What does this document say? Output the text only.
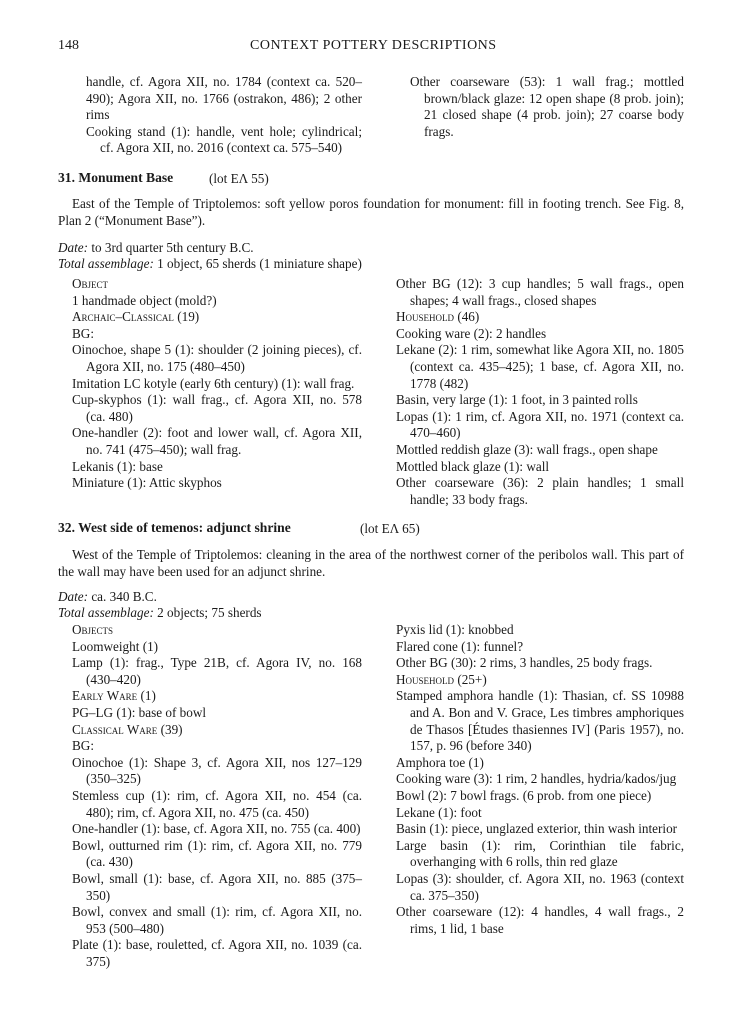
148	CONTEXT POTTERY DESCRIPTIONS
handle, cf. Agora XII, no. 1784 (context ca. 520–490); Agora XII, no. 1766 (ostrakon, 486); 2 other rims
Cooking stand (1): handle, vent hole; cylindrical; cf. Agora XII, no. 2016 (context ca. 575–540)
Other coarseware (53): 1 wall frag.; mottled brown/black glaze: 12 open shape (8 prob. join); 21 closed shape (4 prob. join); 27 coarse body frags.
31. Monument Base	(lot ΕΛ 55)
East of the Temple of Triptolemos: soft yellow poros foundation for monument: fill in footing trench. See Fig. 8, Plan 2 (“Monument Base”).
Date: to 3rd quarter 5th century B.C.
Total assemblage: 1 object, 65 sherds (1 miniature shape)
Object
1 handmade object (mold?)
Archaic–Classical (19)
BG:
Oinochoe, shape 5 (1): shoulder (2 joining pieces), cf. Agora XII, no. 175 (480–450)
Imitation LC kotyle (early 6th century) (1): wall frag.
Cup-skyphos (1): wall frag., cf. Agora XII, no. 578 (ca. 480)
One-handler (2): foot and lower wall, cf. Agora XII, no. 741 (475–450); wall frag.
Lekanis (1): base
Miniature (1): Attic skyphos
Other BG (12): 3 cup handles; 5 wall frags., open shapes; 4 wall frags., closed shapes
Household (46)
Cooking ware (2): 2 handles
Lekane (2): 1 rim, somewhat like Agora XII, no. 1805 (context ca. 435–425); 1 base, cf. Agora XII, no. 1778 (482)
Basin, very large (1): 1 foot, in 3 painted rolls
Lopas (1): 1 rim, cf. Agora XII, no. 1971 (context ca. 470–460)
Mottled reddish glaze (3): wall frags., open shape
Mottled black glaze (1): wall
Other coarseware (36): 2 plain handles; 1 small handle; 33 body frags.
32. West side of temenos: adjunct shrine	(lot ΕΛ 65)
West of the Temple of Triptolemos: cleaning in the area of the northwest corner of the peribolos wall. This part of the wall may have been used for an adjunct shrine.
Date: ca. 340 B.C.
Total assemblage: 2 objects; 75 sherds
Objects
Loomweight (1)
Lamp (1): frag., Type 21B, cf. Agora IV, no. 168 (430–420)
Early Ware (1)
PG–LG (1): base of bowl
Classical Ware (39)
BG:
Oinochoe (1): Shape 3, cf. Agora XII, nos 127–129 (350–325)
Stemless cup (1): rim, cf. Agora XII, no. 454 (ca. 480); rim, cf. Agora XII, no. 475 (ca. 450)
One-handler (1): base, cf. Agora XII, no. 755 (ca. 400)
Bowl, outturned rim (1): rim, cf. Agora XII, no. 779 (ca. 430)
Bowl, small (1): base, cf. Agora XII, no. 885 (375–350)
Bowl, convex and small (1): rim, cf. Agora XII, no. 953 (500–480)
Plate (1): base, rouletted, cf. Agora XII, no. 1039 (ca. 375)
Pyxis lid (1): knobbed
Flared cone (1): funnel?
Other BG (30): 2 rims, 3 handles, 25 body frags.
Household (25+)
Stamped amphora handle (1): Thasian, cf. SS 10988 and A. Bon and V. Grace, Les timbres amphoriques de Thasos [Études thasiennes IV] (Paris 1957), no. 157, p. 96 (before 340)
Amphora toe (1)
Cooking ware (3): 1 rim, 2 handles, hydria/kados/jug
Bowl (2): 7 bowl frags. (6 prob. from one piece)
Lekane (1): foot
Basin (1): piece, unglazed exterior, thin wash interior
Large basin (1): rim, Corinthian tile fabric, overhanging with 6 rolls, thin red glaze
Lopas (3): shoulder, cf. Agora XII, no. 1963 (context ca. 375–350)
Other coarseware (12): 4 handles, 4 wall frags., 2 rims, 1 lid, 1 base
